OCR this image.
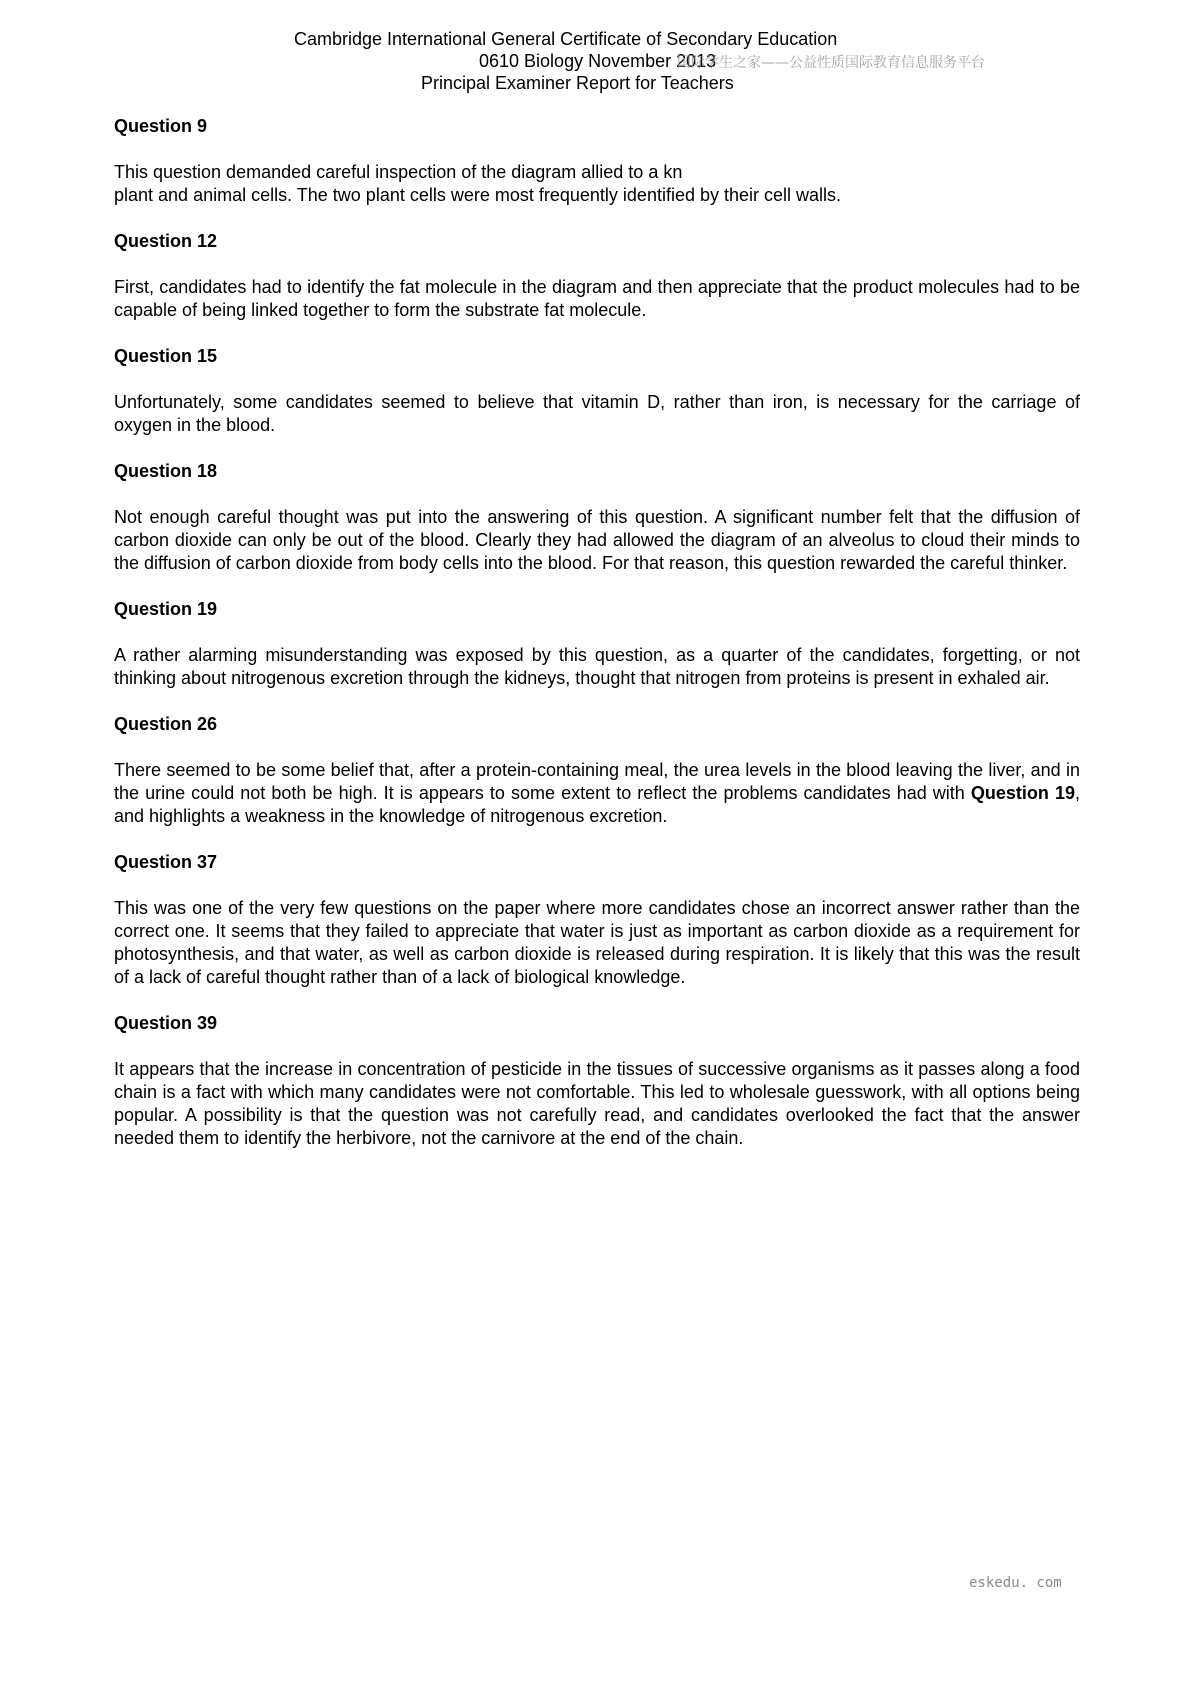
Cambridge International General Certificate of Secondary Education
0610 Biology November 2013
Principal Examiner Report for Teachers
国际学生之家——公益性质国际教育信息服务平台
Question 9

This question demanded careful inspection of the diagram allied to a kn
plant and animal cells. The two plant cells were most frequently identified by their cell walls.

Question 12

First, candidates had to identify the fat molecule in the diagram and then appreciate that the product molecules had to be capable of being linked together to form the substrate fat molecule.

Question 15

Unfortunately, some candidates seemed to believe that vitamin D, rather than iron, is necessary for the carriage of oxygen in the blood.

Question 18

Not enough careful thought was put into the answering of this question. A significant number felt that the diffusion of carbon dioxide can only be out of the blood. Clearly they had allowed the diagram of an alveolus to cloud their minds to the diffusion of carbon dioxide from body cells into the blood. For that reason, this question rewarded the careful thinker.

Question 19

A rather alarming misunderstanding was exposed by this question, as a quarter of the candidates, forgetting, or not thinking about nitrogenous excretion through the kidneys, thought that nitrogen from proteins is present in exhaled air.

Question 26

There seemed to be some belief that, after a protein-containing meal, the urea levels in the blood leaving the liver, and in the urine could not both be high. It is appears to some extent to reflect the problems candidates had with Question 19, and highlights a weakness in the knowledge of nitrogenous excretion.

Question 37

This was one of the very few questions on the paper where more candidates chose an incorrect answer rather than the correct one. It seems that they failed to appreciate that water is just as important as carbon dioxide as a requirement for photosynthesis, and that water, as well as carbon dioxide is released during respiration. It is likely that this was the result of a lack of careful thought rather than of a lack of biological knowledge.

Question 39

It appears that the increase in concentration of pesticide in the tissues of successive organisms as it passes along a food chain is a fact with which many candidates were not comfortable. This led to wholesale guesswork, with all options being popular. A possibility is that the question was not carefully read, and candidates overlooked the fact that the answer needed them to identify the herbivore, not the carnivore at the end of the chain.

eskedu. com
